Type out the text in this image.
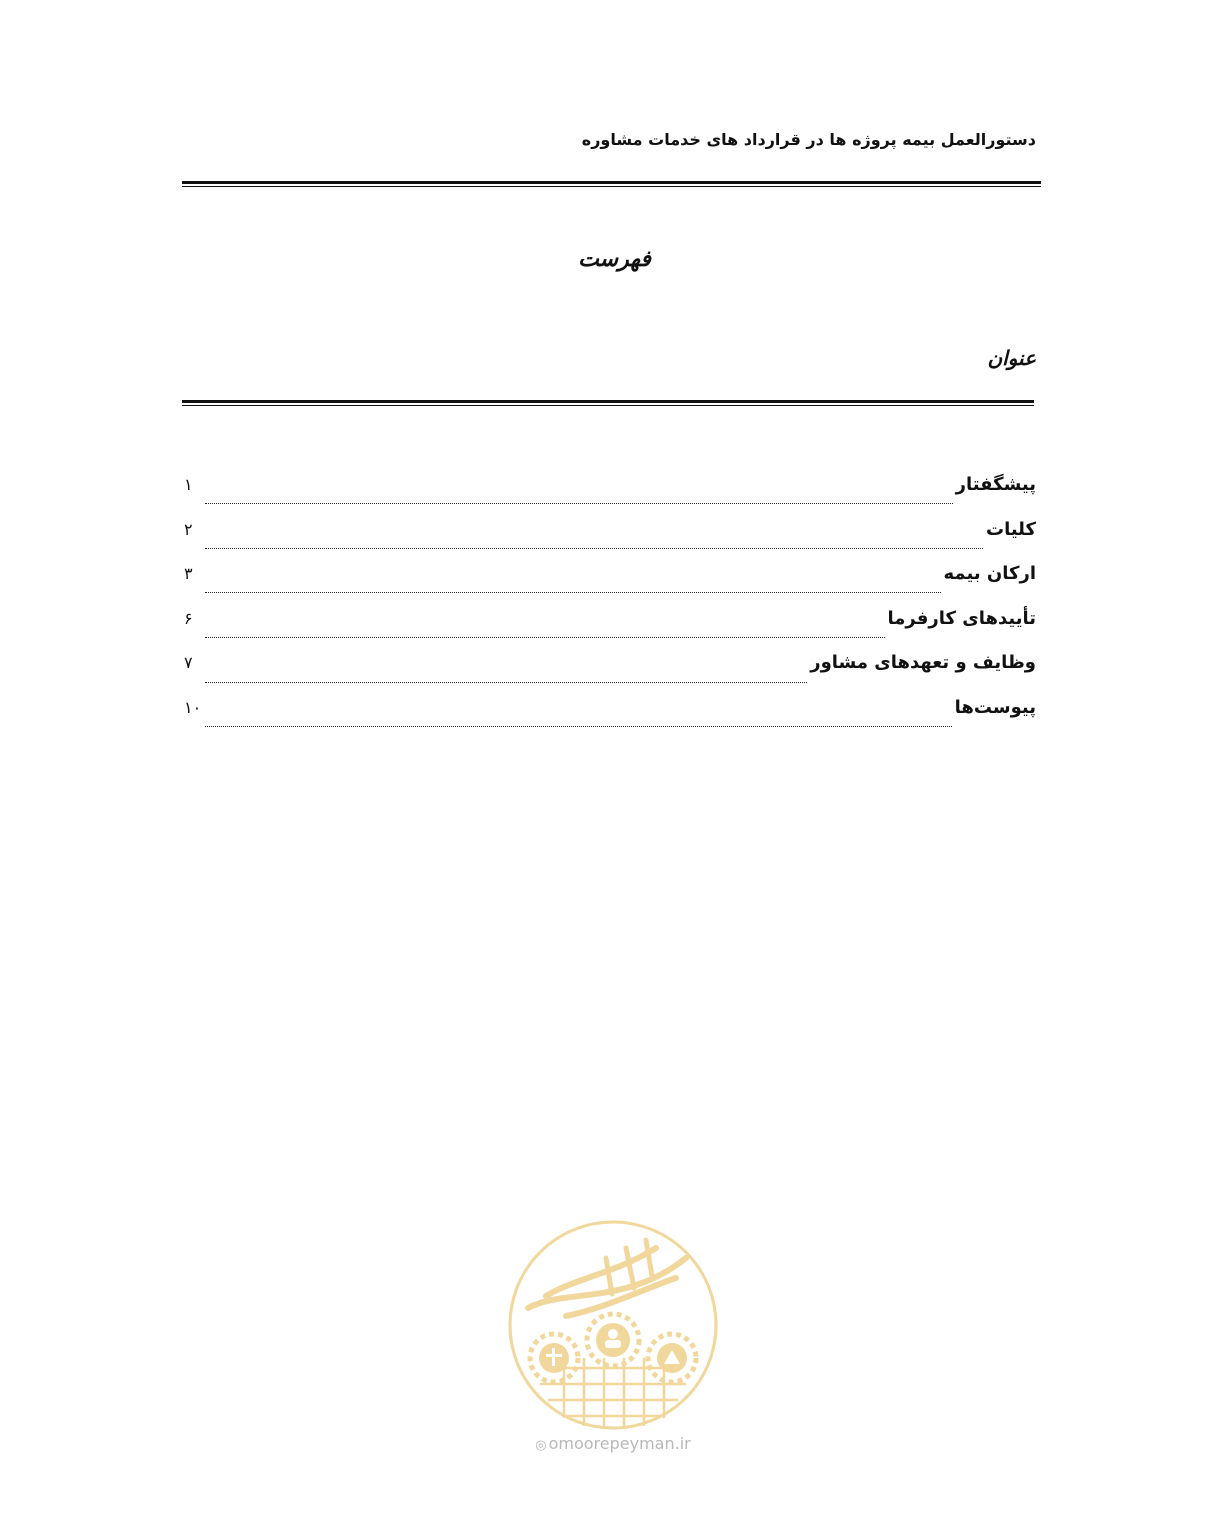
دستورالعمل بیمه پروژه ها در قرارداد های خدمات مشاوره
فهرست
عنوان
پیشگفتار
۱
کلیات
۲
ارکان بیمه
۳
تأییدهای کارفرما
۶
وظایف و تعهدهای مشاور
۷
پیوست‌ها
۱۰
◎ omoorepeyman.ir
